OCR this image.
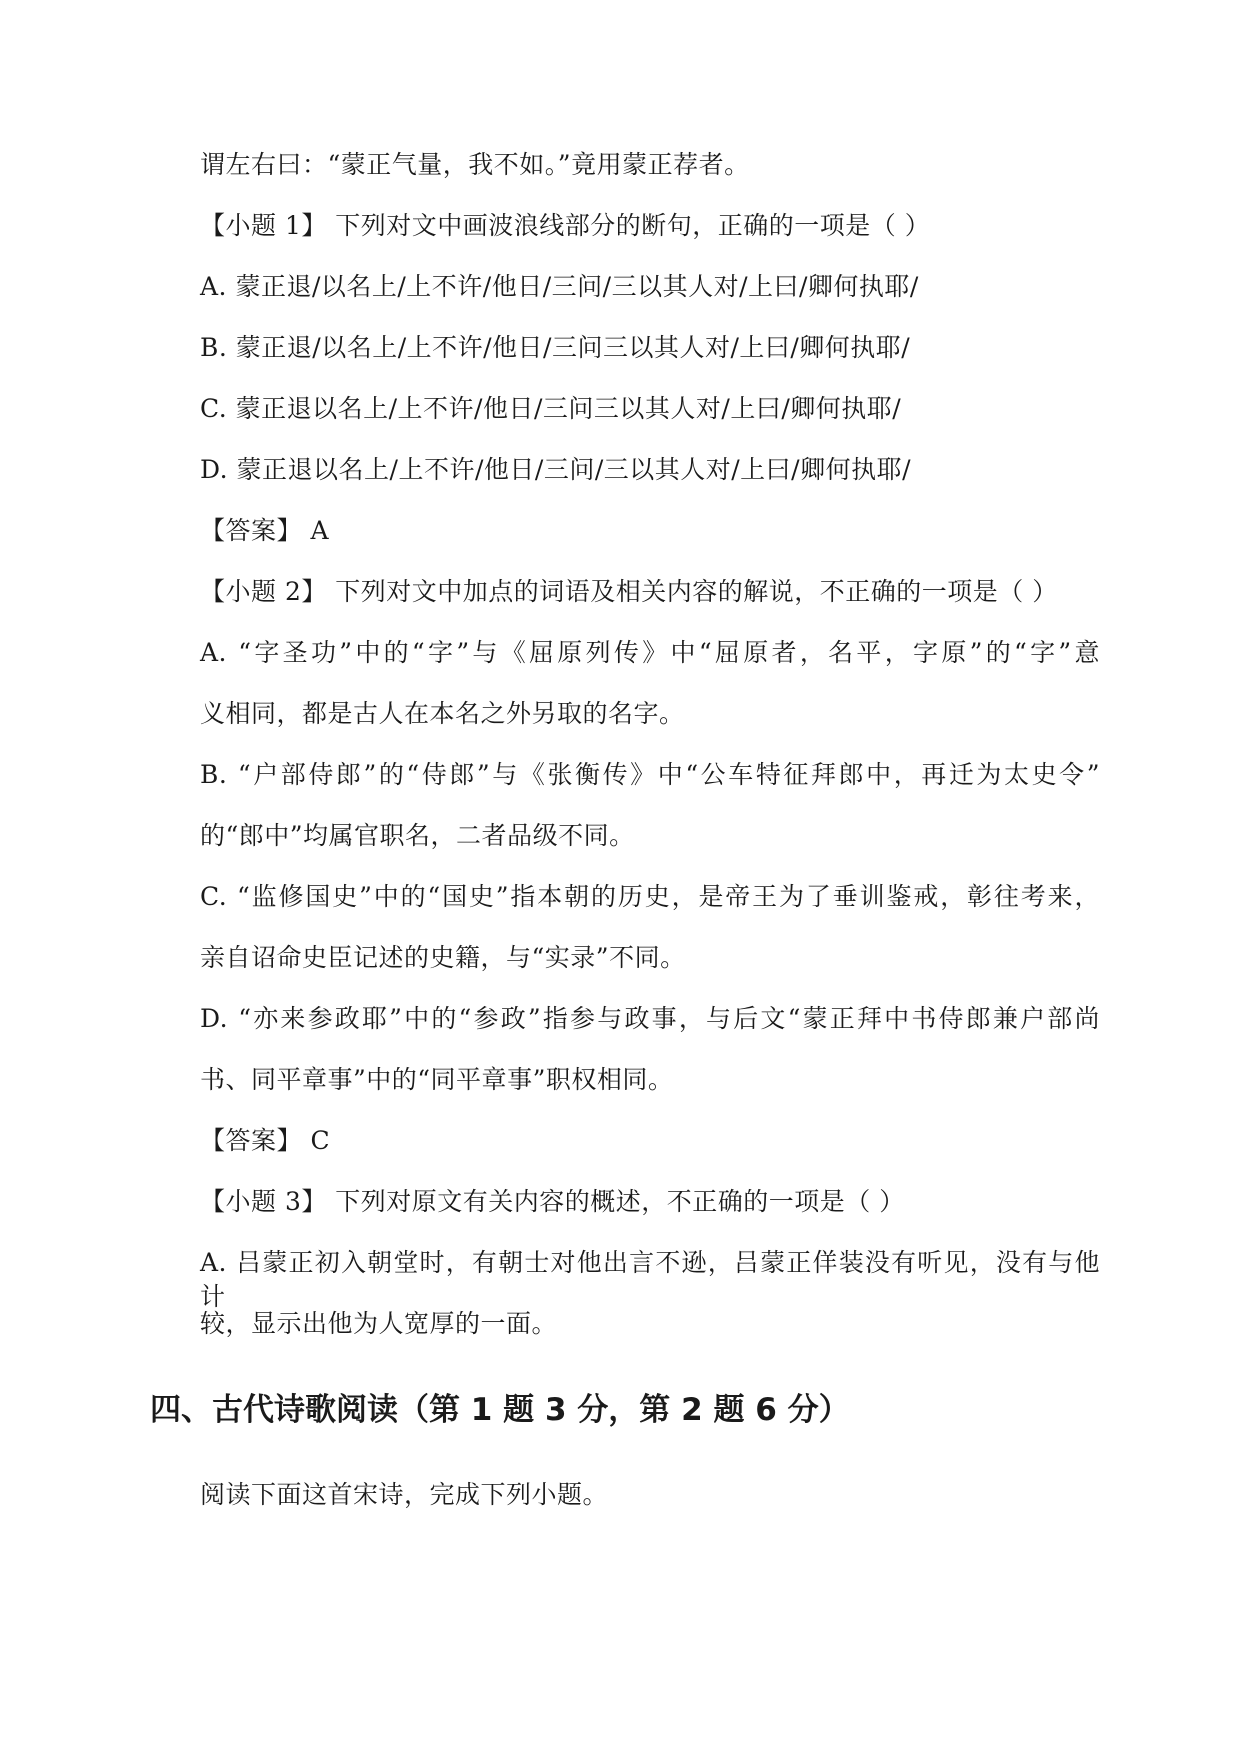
谓左右曰：“蒙正气量，我不如。”竟用蒙正荐者。
【小题 1】 下列对文中画波浪线部分的断句，正确的一项是（ ）
A. 蒙正退/以名上/上不许/他日/三问/三以其人对/上曰/卿何执耶/
B. 蒙正退/以名上/上不许/他日/三问三以其人对/上曰/卿何执耶/
C. 蒙正退以名上/上不许/他日/三问三以其人对/上曰/卿何执耶/
D. 蒙正退以名上/上不许/他日/三问/三以其人对/上曰/卿何执耶/
【答案】 A
【小题 2】 下列对文中加点的词语及相关内容的解说，不正确的一项是（ ）
A. “字圣功”中的“字”与《屈原列传》中“屈原者，名平，字原”的“字”意
义相同，都是古人在本名之外另取的名字。
B. “户部侍郎”的“侍郎”与《张衡传》中“公车特征拜郎中，再迁为太史令”
的“郎中”均属官职名，二者品级不同。
C. “监修国史”中的“国史”指本朝的历史，是帝王为了垂训鉴戒，彰往考来，
亲自诏命史臣记述的史籍，与“实录”不同。
D. “亦来参政耶”中的“参政”指参与政事，与后文“蒙正拜中书侍郎兼户部尚
书、同平章事”中的“同平章事”职权相同。
【答案】 C
【小题 3】 下列对原文有关内容的概述，不正确的一项是（ ）
A. 吕蒙正初入朝堂时，有朝士对他出言不逊，吕蒙正佯装没有听见，没有与他计
较，显示出他为人宽厚的一面。
四、古代诗歌阅读（第 1 题 3 分，第 2 题 6 分）
阅读下面这首宋诗，完成下列小题。
